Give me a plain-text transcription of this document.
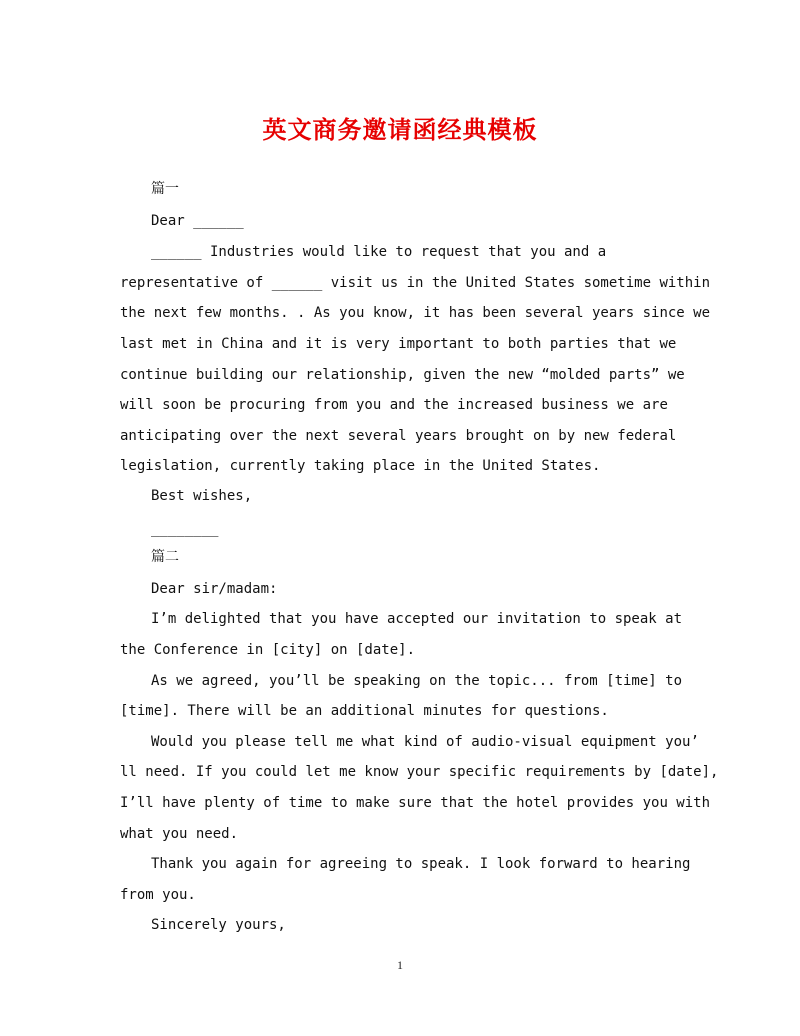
英文商务邀请函经典模板
篇一
Dear ______
______ Industries would like to request that you and a
representative of ______ visit us in the United States sometime within
the next few months. . As you know, it has been several years since we
last met in China and it is very important to both parties that we
continue building our relationship, given the new “molded parts” we
will soon be procuring from you and the increased business we are
anticipating over the next several years brought on by new federal
legislation, currently taking place in the United States.
Best wishes,
________
篇二
Dear sir/madam:
I’m delighted that you have accepted our invitation to speak at
the Conference in [city] on [date].
As we agreed, you’ll be speaking on the topic... from [time] to
[time]. There will be an additional minutes for questions.
Would you please tell me what kind of audio-visual equipment you’
ll need. If you could let me know your specific requirements by [date],
I’ll have plenty of time to make sure that the hotel provides you with
what you need.
Thank you again for agreeing to speak. I look forward to hearing
from you.
Sincerely yours,
1
